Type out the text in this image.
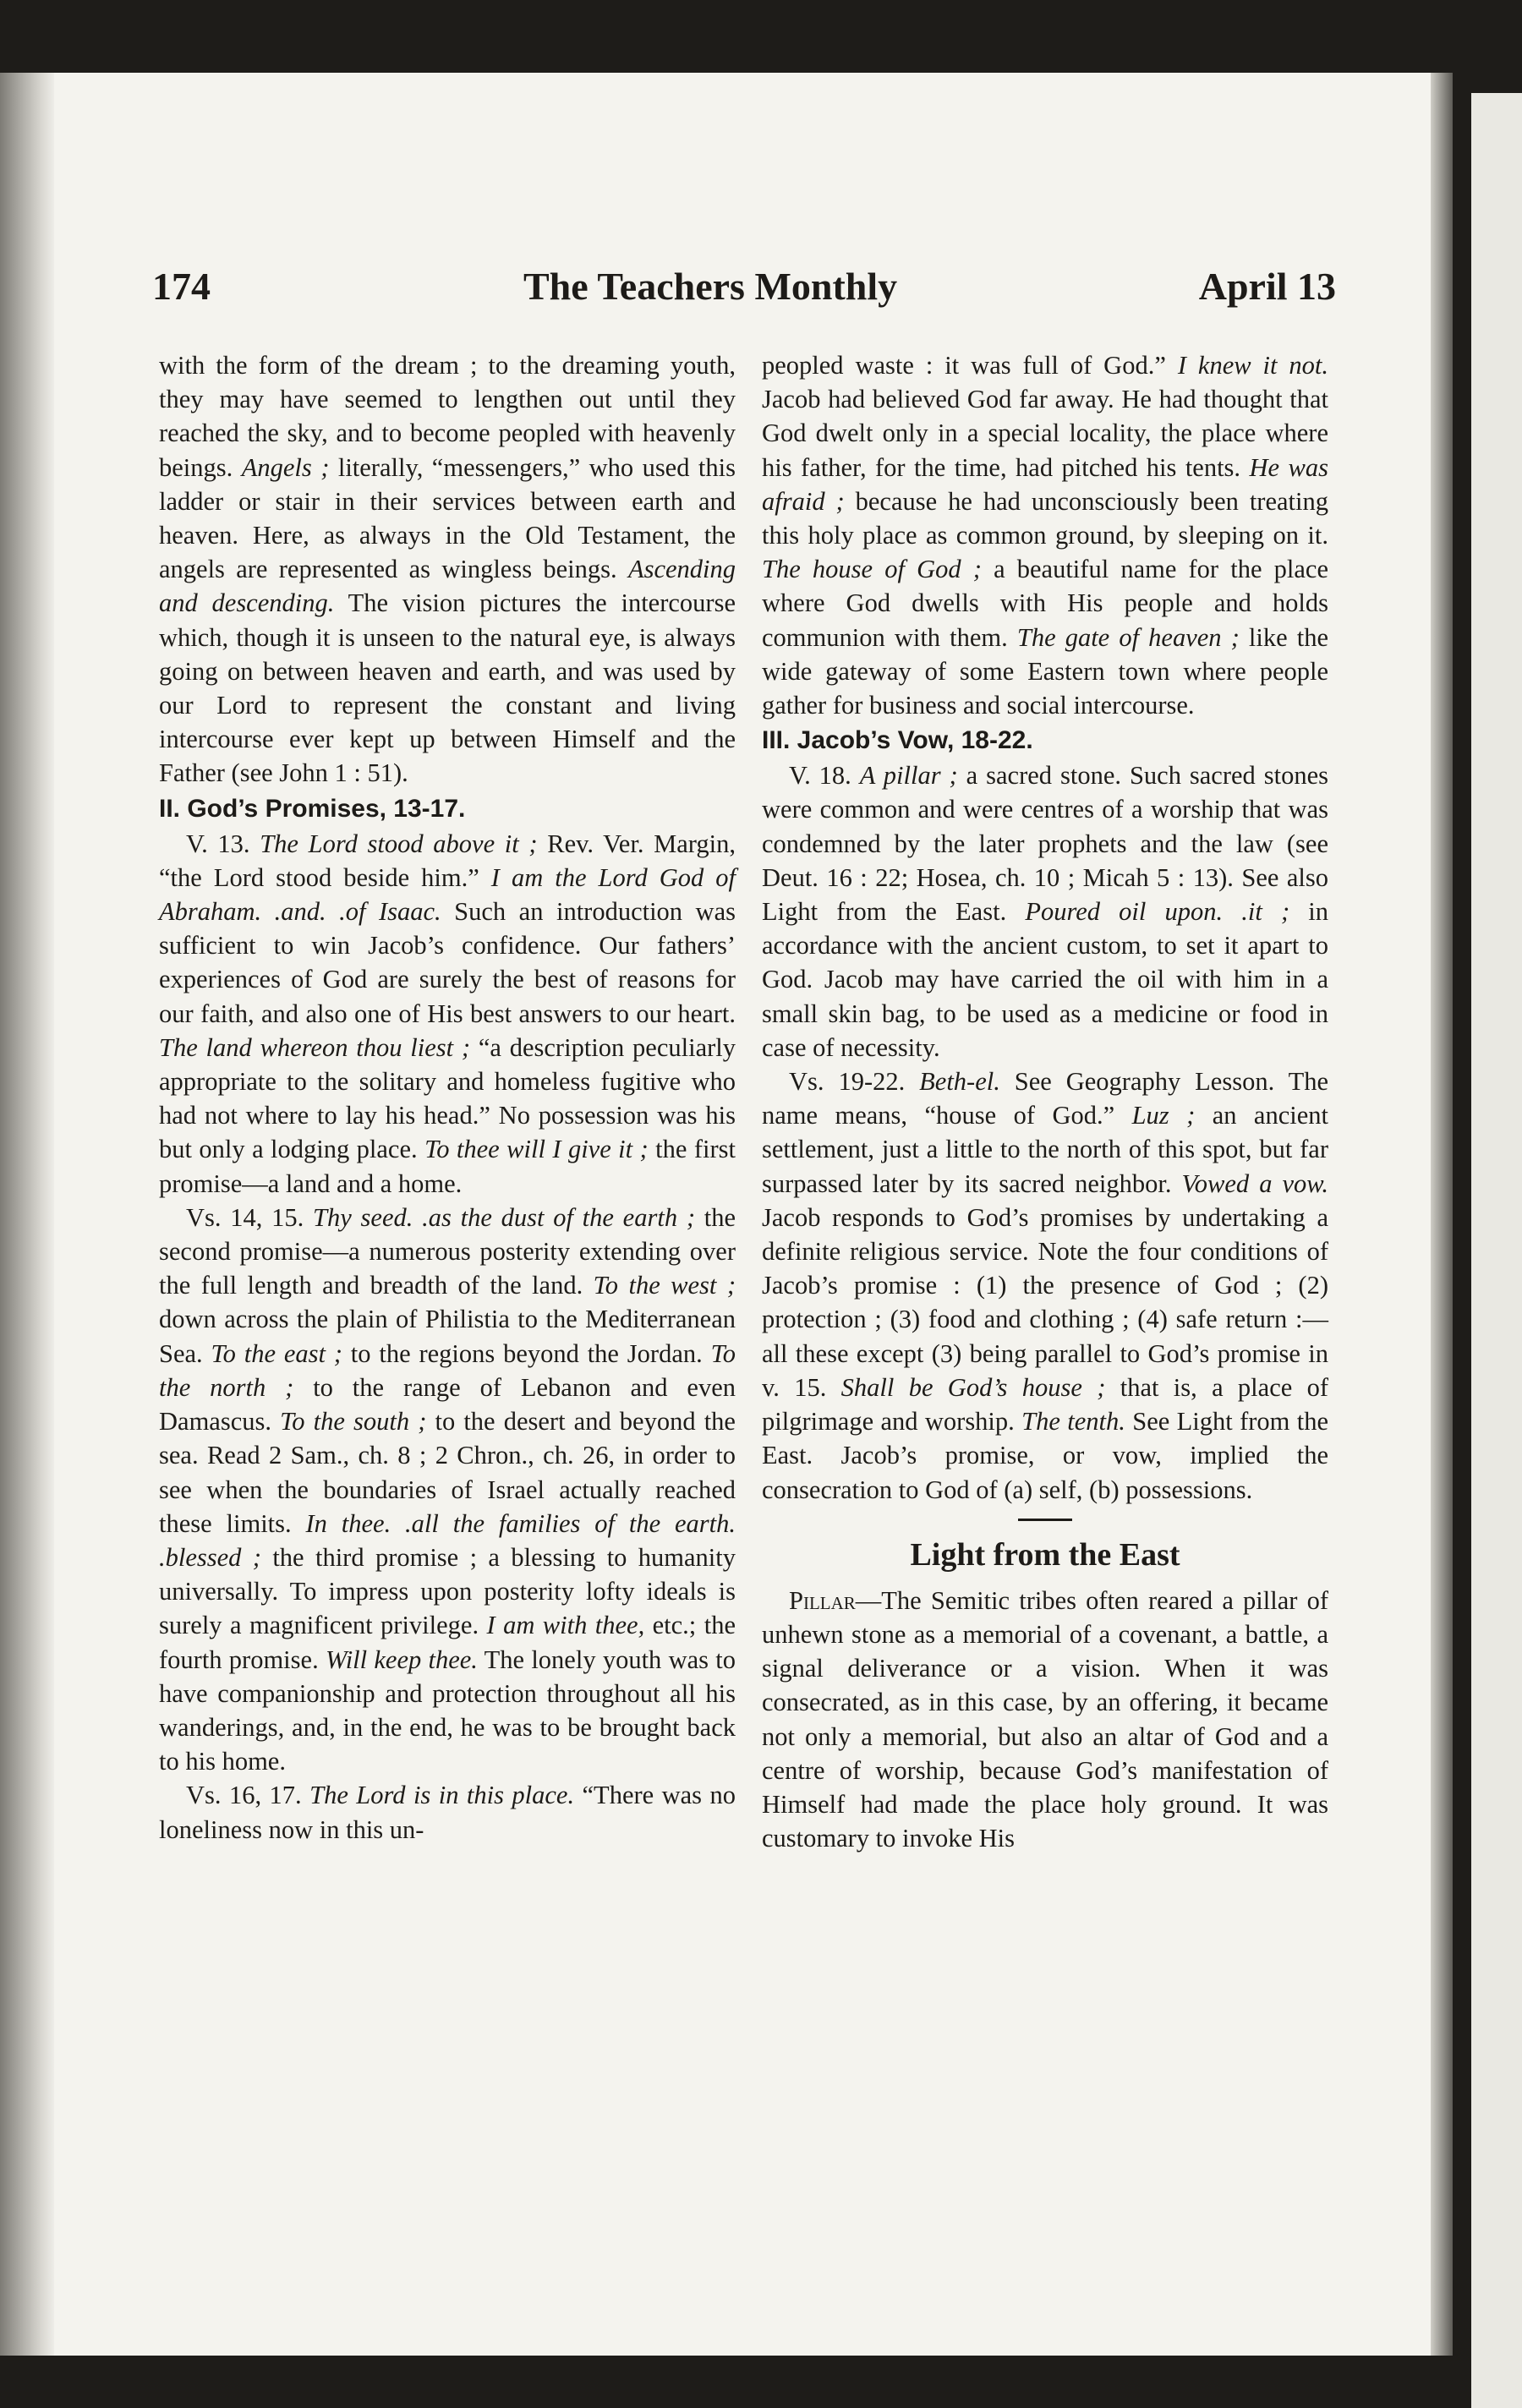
174	The Teachers Monthly	April 13

with the form of the dream ; to the dreaming youth, they may have seemed to lengthen out until they reached the sky, and to become peopled with heavenly beings. Angels ; literally, “messengers,” who used this ladder or stair in their services between earth and heaven. Here, as always in the Old Testament, the angels are represented as wingless beings. Ascending and descending. The vision pictures the intercourse which, though it is unseen to the natural eye, is always going on between heaven and earth, and was used by our Lord to represent the constant and living intercourse ever kept up between Himself and the Father (see John 1 : 51).

II. God’s Promises, 13-17.

V. 13. The Lord stood above it ; Rev. Ver. Margin, “the Lord stood beside him.” I am the Lord God of Abraham. .and. .of Isaac. Such an introduction was sufficient to win Jacob’s confidence. Our fathers’ experiences of God are surely the best of reasons for our faith, and also one of His best answers to our heart. The land whereon thou liest ; “a description peculiarly appropriate to the solitary and homeless fugitive who had not where to lay his head.” No possession was his but only a lodging place. To thee will I give it ; the first promise—a land and a home.

Vs. 14, 15. Thy seed. .as the dust of the earth ; the second promise—a numerous posterity extending over the full length and breadth of the land. To the west ; down across the plain of Philistia to the Mediterranean Sea. To the east ; to the regions beyond the Jordan. To the north ; to the range of Lebanon and even Damascus. To the south ; to the desert and beyond the sea. Read 2 Sam., ch. 8 ; 2 Chron., ch. 26, in order to see when the boundaries of Israel actually reached these limits. In thee. .all the families of the earth. .blessed ; the third promise ; a blessing to humanity universally. To impress upon posterity lofty ideals is surely a magnificent privilege. I am with thee, etc.; the fourth promise. Will keep thee. The lonely youth was to have companionship and protection throughout all his wanderings, and, in the end, he was to be brought back to his home.

Vs. 16, 17. The Lord is in this place. “There was no loneliness now in this un-

peopled waste : it was full of God.” I knew it not. Jacob had believed God far away. He had thought that God dwelt only in a special locality, the place where his father, for the time, had pitched his tents. He was afraid ; because he had unconsciously been treating this holy place as common ground, by sleeping on it. The house of God ; a beautiful name for the place where God dwells with His people and holds communion with them. The gate of heaven ; like the wide gateway of some Eastern town where people gather for business and social intercourse.

III. Jacob’s Vow, 18-22.

V. 18. A pillar ; a sacred stone. Such sacred stones were common and were centres of a worship that was condemned by the later prophets and the law (see Deut. 16 : 22; Hosea, ch. 10 ; Micah 5 : 13). See also Light from the East. Poured oil upon. .it ; in accordance with the ancient custom, to set it apart to God. Jacob may have carried the oil with him in a small skin bag, to be used as a medicine or food in case of necessity.

Vs. 19-22. Beth-el. See Geography Lesson. The name means, “house of God.” Luz ; an ancient settlement, just a little to the north of this spot, but far surpassed later by its sacred neighbor. Vowed a vow. Jacob responds to God’s promises by undertaking a definite religious service. Note the four conditions of Jacob’s promise : (1) the presence of God ; (2) protection ; (3) food and clothing ; (4) safe return :—all these except (3) being parallel to God’s promise in v. 15. Shall be God’s house ; that is, a place of pilgrimage and worship. The tenth. See Light from the East. Jacob’s promise, or vow, implied the consecration to God of (a) self, (b) possessions.

Light from the East

Pillar—The Semitic tribes often reared a pillar of unhewn stone as a memorial of a covenant, a battle, a signal deliverance or a vision. When it was consecrated, as in this case, by an offering, it became not only a memorial, but also an altar of God and a centre of worship, because God’s manifestation of Himself had made the place holy ground. It was customary to invoke His
